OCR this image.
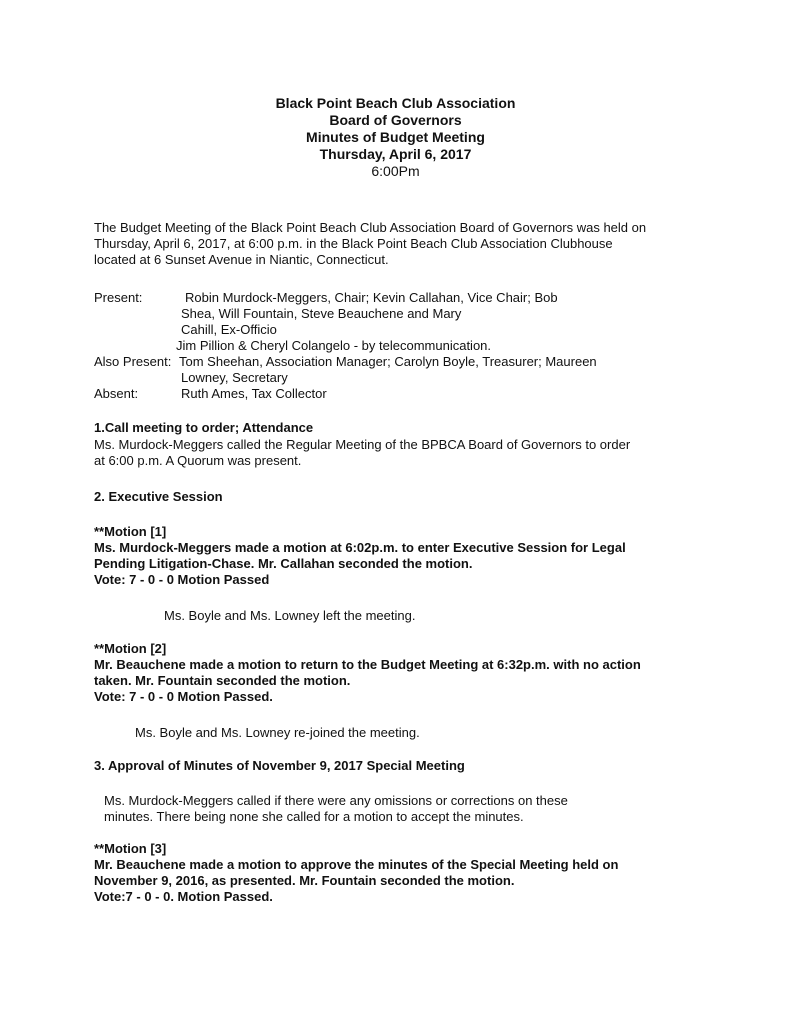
Black Point Beach Club Association
Board of Governors
Minutes of Budget Meeting
Thursday, April 6, 2017
6:00Pm
The Budget Meeting of the Black Point Beach Club Association Board of Governors was held on
Thursday, April 6, 2017, at 6:00 p.m. in the Black Point Beach Club Association Clubhouse
located at 6 Sunset Avenue in Niantic, Connecticut.
Present:	Robin Murdock-Meggers, Chair; Kevin Callahan, Vice Chair; Bob
Shea, Will Fountain, Steve Beauchene and Mary
Cahill, Ex-Officio
Jim Pillion & Cheryl Colangelo - by telecommunication.
Also Present: Tom Sheehan, Association Manager; Carolyn Boyle, Treasurer; Maureen
Lowney, Secretary
Absent:	Ruth Ames, Tax Collector
1.Call meeting to order; Attendance
Ms. Murdock-Meggers called the Regular Meeting of the BPBCA Board of Governors to order
at 6:00 p.m. A Quorum was present.
2. Executive Session
**Motion [1]
Ms. Murdock-Meggers made a motion at 6:02p.m. to enter Executive Session for Legal
Pending Litigation-Chase. Mr. Callahan seconded the motion.
Vote: 7 - 0 - 0 Motion Passed
Ms. Boyle and Ms. Lowney left the meeting.
**Motion [2]
Mr. Beauchene made a motion to return to the Budget Meeting at 6:32p.m. with no action
taken. Mr. Fountain seconded the motion.
Vote: 7 - 0 - 0 Motion Passed.
Ms. Boyle and Ms. Lowney re-joined the meeting.
3. Approval of Minutes of November 9, 2017 Special Meeting
Ms. Murdock-Meggers called if there were any omissions or corrections on these
minutes. There being none she called for a motion to accept the minutes.
**Motion [3]
Mr. Beauchene made a motion to approve the minutes of the Special Meeting held on
November 9, 2016, as presented. Mr. Fountain seconded the motion.
Vote:7 - 0 - 0. Motion Passed.
